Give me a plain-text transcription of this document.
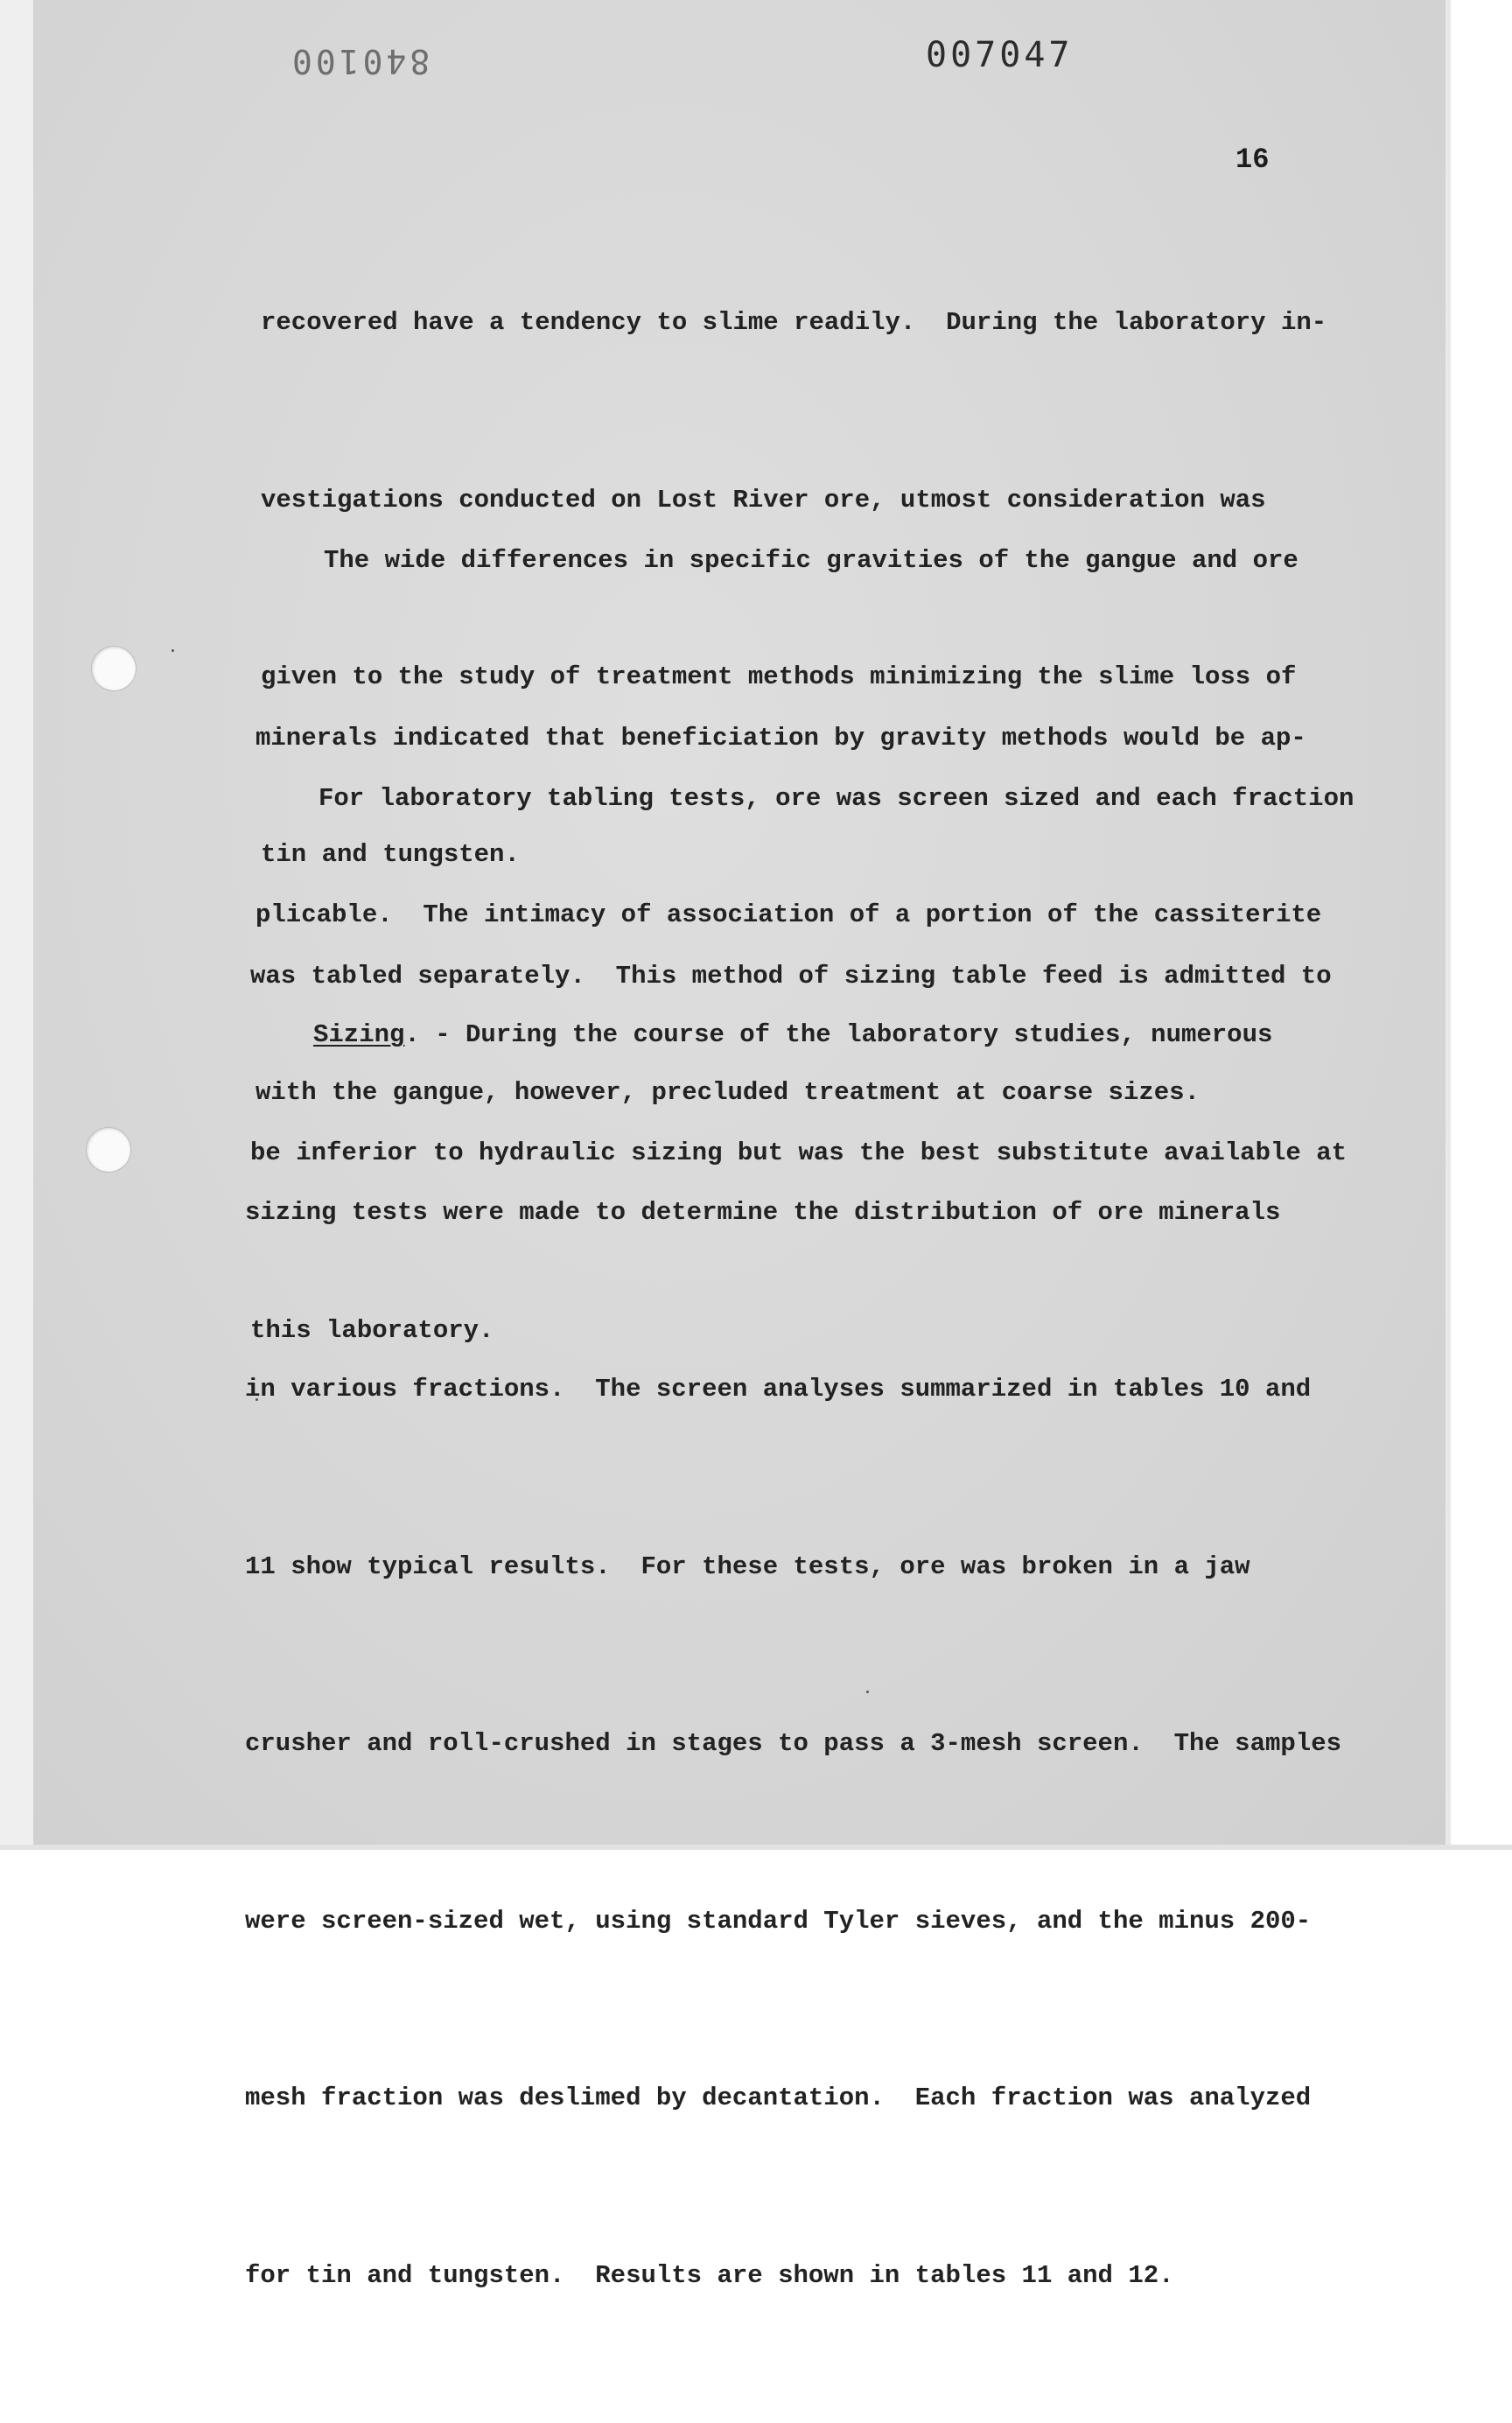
840100	007047
16

recovered have a tendency to slime readily.  During the laboratory in-

vestigations conducted on Lost River ore, utmost consideration was

given to the study of treatment methods minimizing the slime loss of

tin and tungsten.

The wide differences in specific gravities of the gangue and ore

minerals indicated that beneficiation by gravity methods would be ap-

plicable.  The intimacy of association of a portion of the cassiterite

with the gangue, however, precluded treatment at coarse sizes.

For laboratory tabling tests, ore was screen sized and each fraction

was tabled separately.  This method of sizing table feed is admitted to

be inferior to hydraulic sizing but was the best substitute available at

this laboratory.

Sizing. - During the course of the laboratory studies, numerous

sizing tests were made to determine the distribution of ore minerals

in various fractions.  The screen analyses summarized in tables 10 and

11 show typical results.  For these tests, ore was broken in a jaw

crusher and roll-crushed in stages to pass a 3-mesh screen.  The samples

were screen-sized wet, using standard Tyler sieves, and the minus 200-

mesh fraction was deslimed by decantation.  Each fraction was analyzed

for tin and tungsten.  Results are shown in tables 11 and 12.
